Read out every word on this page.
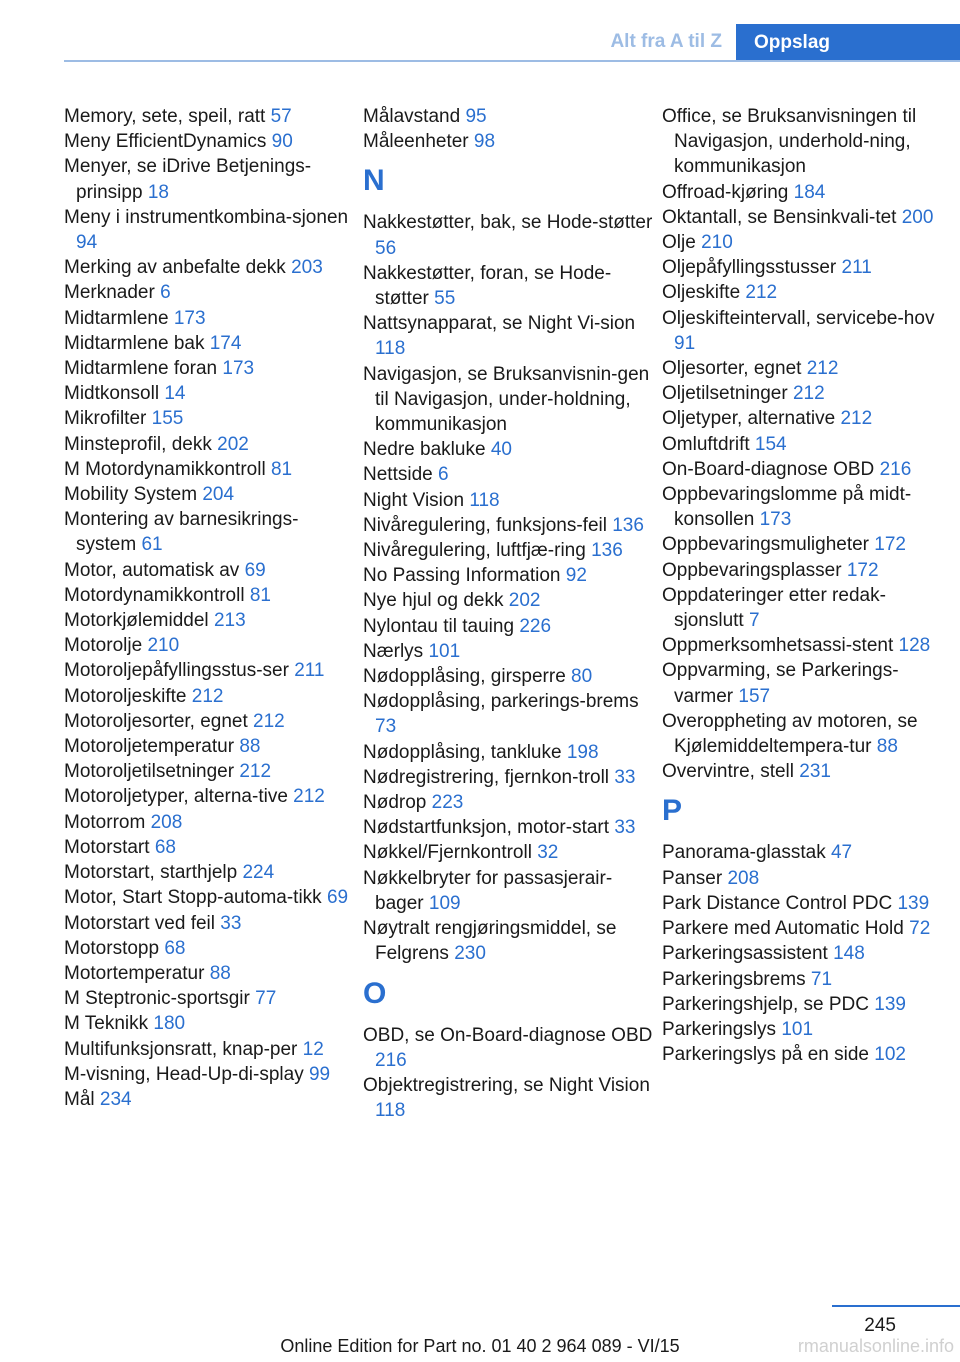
Alt fra A til Z	Oppslag
Memory, sete, speil, ratt 57
Meny EfficientDynamics 90
Menyer, se iDrive Betjenings-prinsipp 18
Meny i instrumentkombina-sjonen 94
Merking av anbefalte dekk 203
Merknader 6
Midtarmlene 173
Midtarmlene bak 174
Midtarmlene foran 173
Midtkonsoll 14
Mikrofilter 155
Minsteprofil, dekk 202
M Motordynamikkontroll 81
Mobility System 204
Montering av barnesikrings-system 61
Motor, automatisk av 69
Motordynamikkontroll 81
Motorkjølemiddel 213
Motorolje 210
Motoroljepåfyllingsstus-ser 211
Motoroljeskifte 212
Motoroljesorter, egnet 212
Motoroljetemperatur 88
Motoroljetilsetninger 212
Motoroljetyper, alterna-tive 212
Motorrom 208
Motorstart 68
Motorstart, starthjelp 224
Motor, Start Stopp-automa-tikk 69
Motorstart ved feil 33
Motorstopp 68
Motortemperatur 88
M Steptronic-sportsgir 77
M Teknikk 180
Multifunksjonsratt, knap-per 12
M-visning, Head-Up-di-splay 99
Mål 234
Målavstand 95
Måleenheter 98
N
Nakkestøtter, bak, se Hode-støtter 56
Nakkestøtter, foran, se Hode-støtter 55
Nattsynapparat, se Night Vi-sion 118
Navigasjon, se Bruksanvisnin-gen til Navigasjon, under-holdning, kommunikasjon
Nedre bakluke 40
Nettside 6
Night Vision 118
Nivåregulering, funksjons-feil 136
Nivåregulering, luftfjæ-ring 136
No Passing Information 92
Nye hjul og dekk 202
Nylontau til tauing 226
Nærlys 101
Nødopplåsing, girsperre 80
Nødopplåsing, parkerings-brems 73
Nødopplåsing, tankluke 198
Nødregistrering, fjernkon-troll 33
Nødrop 223
Nødstartfunksjon, motor-start 33
Nøkkel/Fjernkontroll 32
Nøkkelbryter for passasjerair-bager 109
Nøytralt rengjøringsmiddel, se Felgrens 230
O
OBD, se On-Board-diagnose OBD 216
Objektregistrering, se Night Vision 118
Office, se Bruksanvisningen til Navigasjon, underhold-ning, kommunikasjon
Offroad-kjøring 184
Oktantall, se Bensinkvali-tet 200
Olje 210
Oljepåfyllingsstusser 211
Oljeskifte 212
Oljeskifteintervall, servicebe-hov 91
Oljesorter, egnet 212
Oljetilsetninger 212
Oljetyper, alternative 212
Omluftdrift 154
On-Board-diagnose OBD 216
Oppbevaringslomme på midt-konsollen 173
Oppbevaringsmuligheter 172
Oppbevaringsplasser 172
Oppdateringer etter redak-sjonslutt 7
Oppmerksomhetsassi-stent 128
Oppvarming, se Parkerings-varmer 157
Overoppheting av motoren, se Kjølemiddeltempera-tur 88
Overvintre, stell 231
P
Panorama-glasstak 47
Panser 208
Park Distance Control PDC 139
Parkere med Automatic Hold 72
Parkeringsassistent 148
Parkeringsbrems 71
Parkeringshjelp, se PDC 139
Parkeringslys 101
Parkeringslys på en side 102
245
Online Edition for Part no. 01 40 2 964 089 - VI/15	rmanualsonline.info
